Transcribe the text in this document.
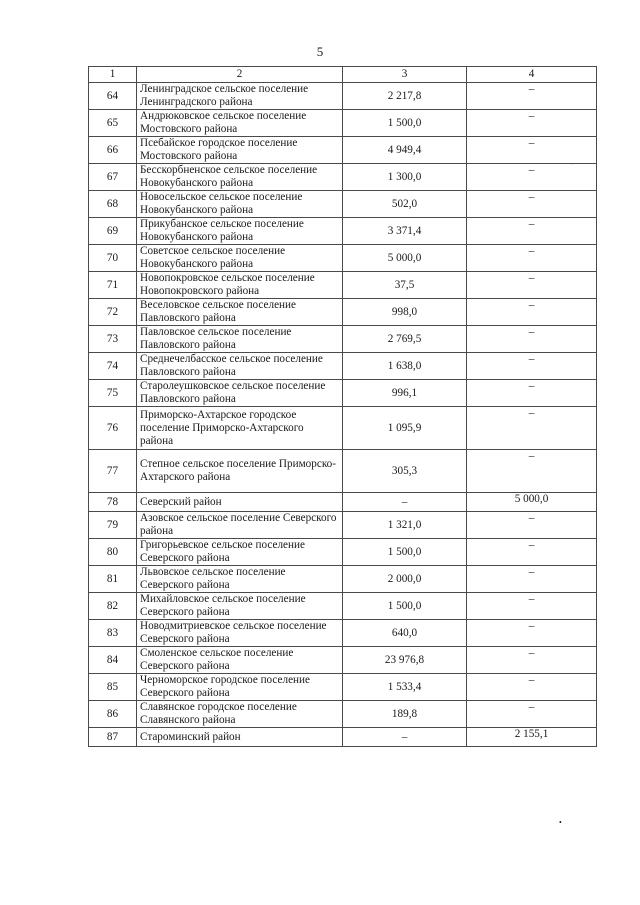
5
1	2	3	4
64	Ленинградское сельское поселение Ленинградского района	2 217,8	–
65	Андрюковское сельское поселение Мостовского района	1 500,0	–
66	Псебайское городское поселение Мостовского района	4 949,4	–
67	Бесскорбненское сельское поселение Новокубанского района	1 300,0	–
68	Новосельское сельское поселение Новокубанского района	502,0	–
69	Прикубанское сельское поселение Новокубанского района	3 371,4	–
70	Советское сельское поселение Новокубанского района	5 000,0	–
71	Новопокровское сельское поселение Новопокровского района	37,5	–
72	Веселовское сельское поселение Павловского района	998,0	–
73	Павловское сельское поселение Павловского района	2 769,5	–
74	Среднечелбасское сельское поселение Павловского района	1 638,0	–
75	Старолеушковское сельское поселение Павловского района	996,1	–
76	Приморско-Ахтарское городское поселение Приморско-Ахтарского района	1 095,9	–
77	Степное сельское поселение Приморско-Ахтарского района	305,3	–
78	Северский район	–	5 000,0
79	Азовское сельское поселение Северского района	1 321,0	–
80	Григорьевское сельское поселение Северского района	1 500,0	–
81	Львовское сельское поселение Северского района	2 000,0	–
82	Михайловское сельское поселение Северского района	1 500,0	–
83	Новодмитриевское сельское поселение Северского района	640,0	–
84	Смоленское сельское поселение Северского района	23 976,8	–
85	Черноморское городское поселение Северского района	1 533,4	–
86	Славянское городское поселение Славянского района	189,8	–
87	Староминский район	–	2 155,1
•
·
